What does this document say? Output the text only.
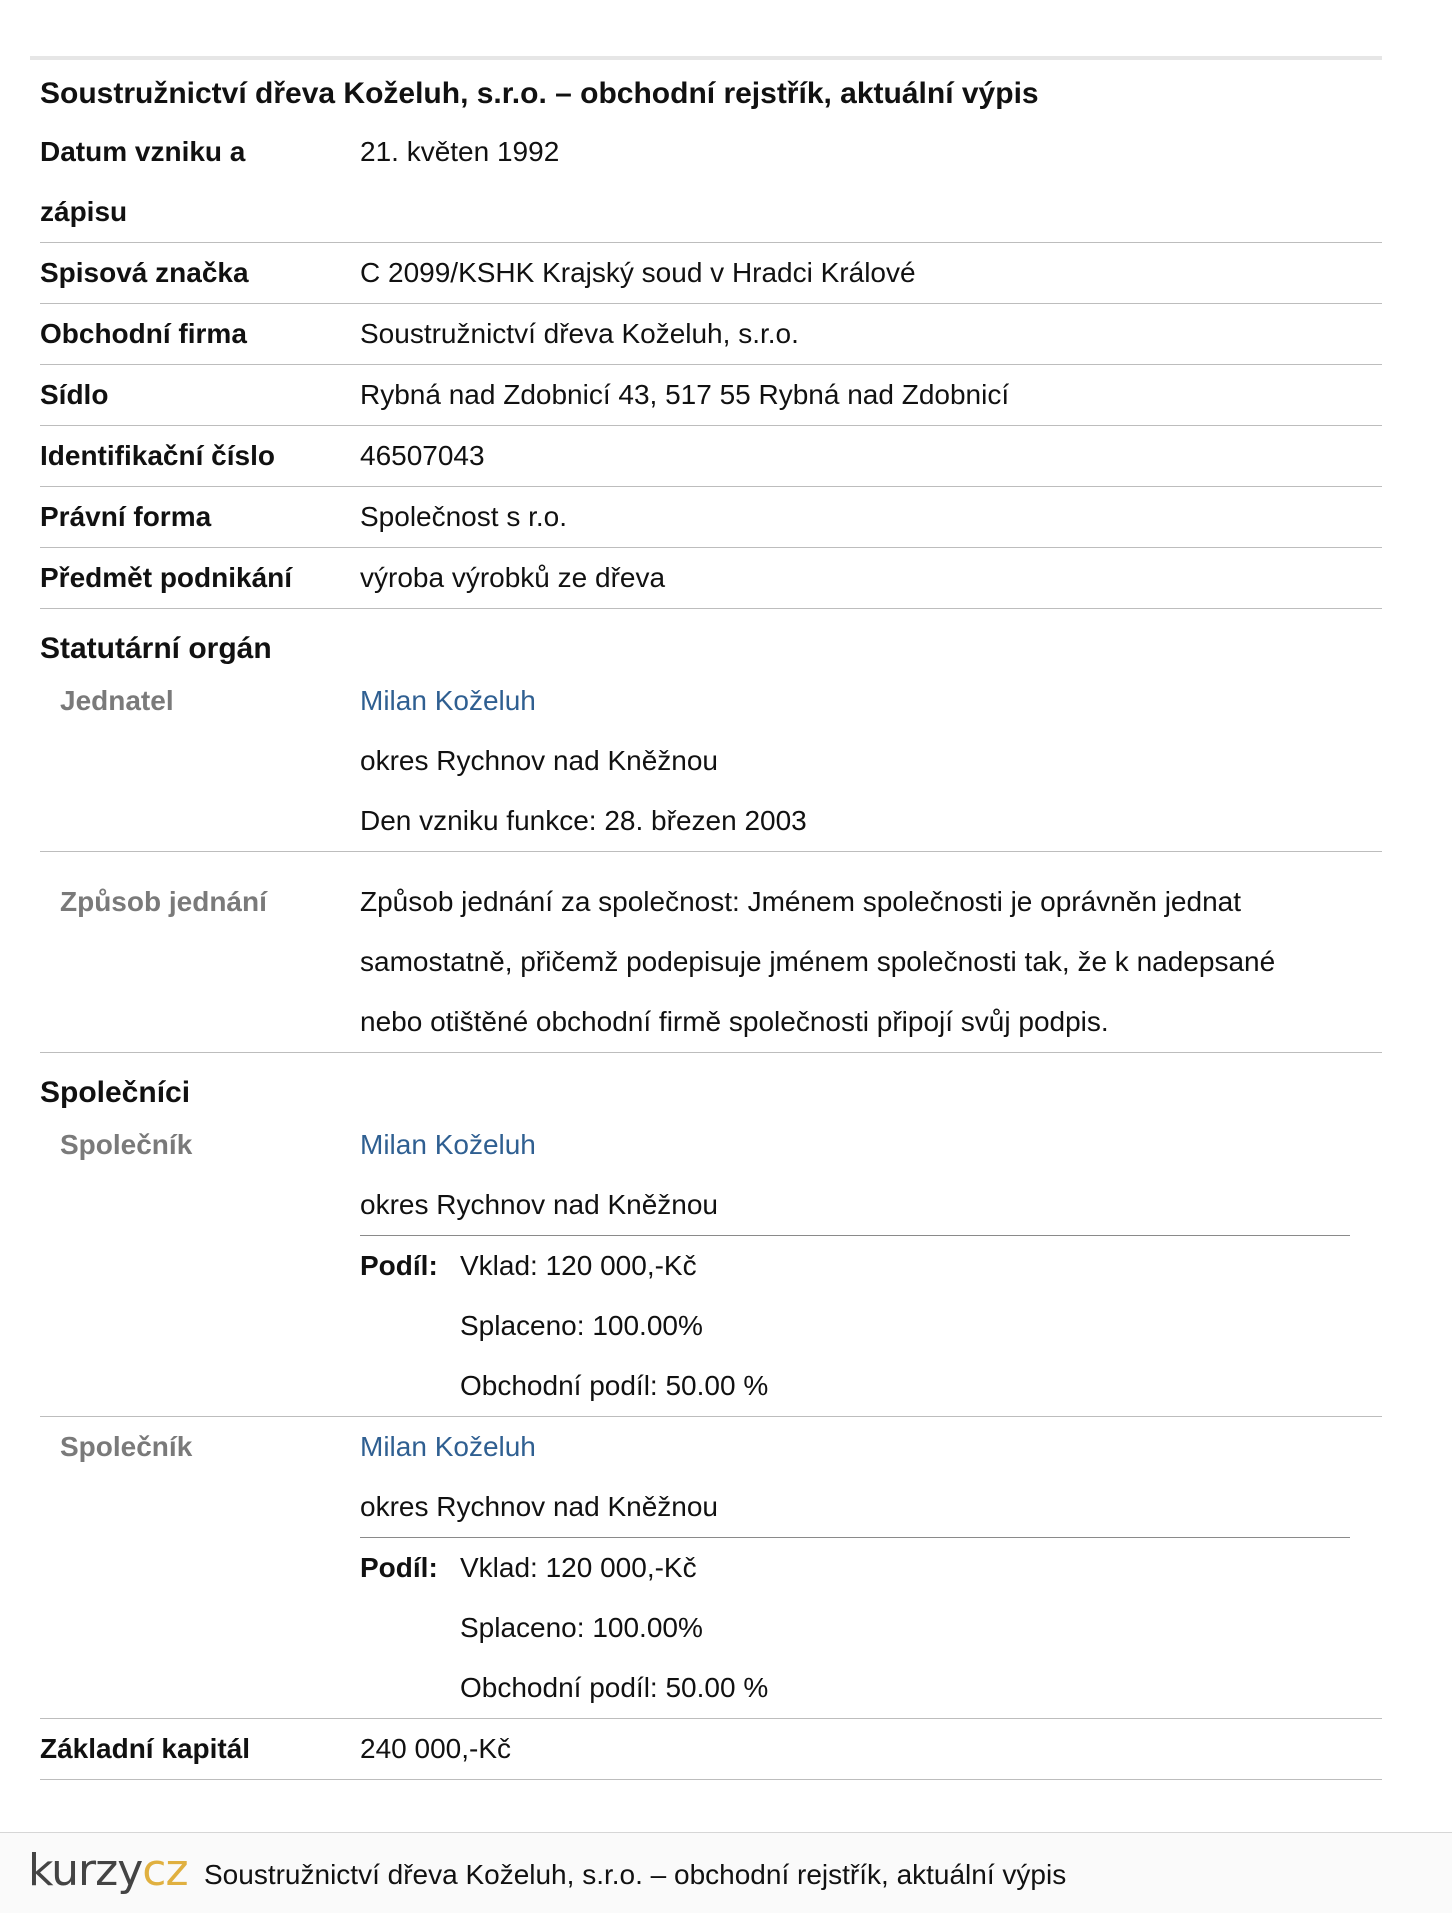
Soustružnictví dřeva Koželuh, s.r.o. – obchodní rejstřík, aktuální výpis
Datum vzniku a zápisu
21. květen 1992
Spisová značka	C 2099/KSHK Krajský soud v Hradci Králové
Obchodní firma	Soustružnictví dřeva Koželuh, s.r.o.
Sídlo	Rybná nad Zdobnicí 43, 517 55 Rybná nad Zdobnicí
Identifikační číslo	46507043
Právní forma	Společnost s r.o.
Předmět podnikání	výroba výrobků ze dřeva
Statutární orgán
Jednatel	Milan Koželuh
okres Rychnov nad Kněžnou
Den vzniku funkce: 28. březen 2003
Způsob jednání	Způsob jednání za společnost: Jménem společnosti je oprávněn jednat
samostatně, přičemž podepisuje jménem společnosti tak, že k nadepsané
nebo otištěné obchodní firmě společnosti připojí svůj podpis.
Společníci
Společník	Milan Koželuh
okres Rychnov nad Kněžnou
Podíl: Vklad: 120 000,-Kč
Splaceno: 100.00%
Obchodní podíl: 50.00 %
Společník	Milan Koželuh
okres Rychnov nad Kněžnou
Podíl: Vklad: 120 000,-Kč
Splaceno: 100.00%
Obchodní podíl: 50.00 %
Základní kapitál	240 000,-Kč
kurzycz Soustružnictví dřeva Koželuh, s.r.o. – obchodní rejstřík, aktuální výpis
